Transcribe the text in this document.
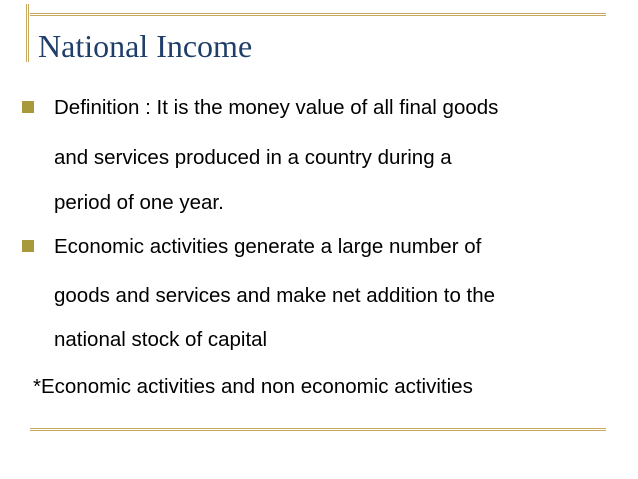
National Income

Definition : It is the money value of all final goods

and services produced in a country during a

period of one year.

Economic activities generate a large number of

goods and services and make net addition to the

national stock of capital

*Economic activities and non economic activities
